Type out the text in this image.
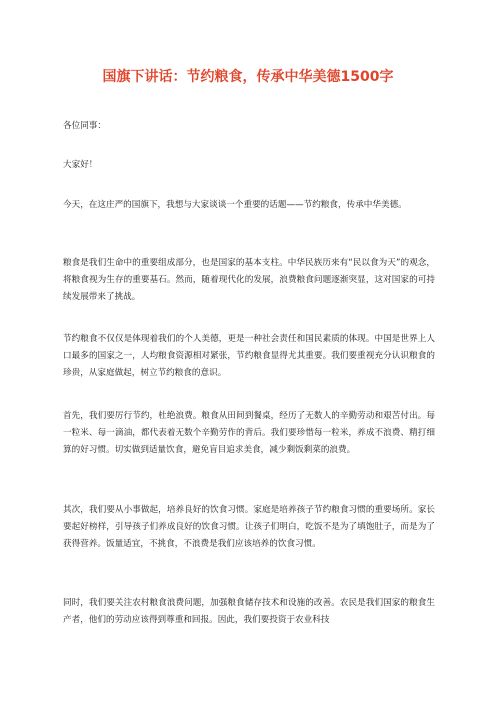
国旗下讲话：节约粮食，传承中华美德1500字

各位同事：

大家好！

今天，在这庄严的国旗下，我想与大家谈谈一个重要的话题——节约粮食，传承中华美德。

粮食是我们生命中的重要组成部分，也是国家的基本支柱。中华民族历来有“民以食为天”的观念，将粮食视为生存的重要基石。然而，随着现代化的发展，浪费粮食问题逐渐突显，这对国家的可持续发展带来了挑战。

节约粮食不仅仅是体现着我们的个人美德，更是一种社会责任和国民素质的体现。中国是世界上人口最多的国家之一，人均粮食资源相对紧张，节约粮食显得尤其重要。我们要重视充分认识粮食的珍贵，从家庭做起，树立节约粮食的意识。

首先，我们要厉行节约，杜绝浪费。粮食从田间到餐桌，经历了无数人的辛勤劳动和艰苦付出。每一粒米、每一滴油，都代表着无数个辛勤劳作的背后。我们要珍惜每一粒米，养成不浪费、精打细算的好习惯。切实做到适量饮食，避免盲目追求美食，减少剩饭剩菜的浪费。

其次，我们要从小事做起，培养良好的饮食习惯。家庭是培养孩子节约粮食习惯的重要场所。家长要起好榜样，引导孩子们养成良好的饮食习惯。让孩子们明白，吃饭不是为了填饱肚子，而是为了获得营养。饭量适宜，不挑食，不浪费是我们应该培养的饮食习惯。

同时，我们要关注农村粮食浪费问题，加强粮食储存技术和设施的改善。农民是我们国家的粮食生产者，他们的劳动应该得到尊重和回报。因此，我们要投资于农业科技
